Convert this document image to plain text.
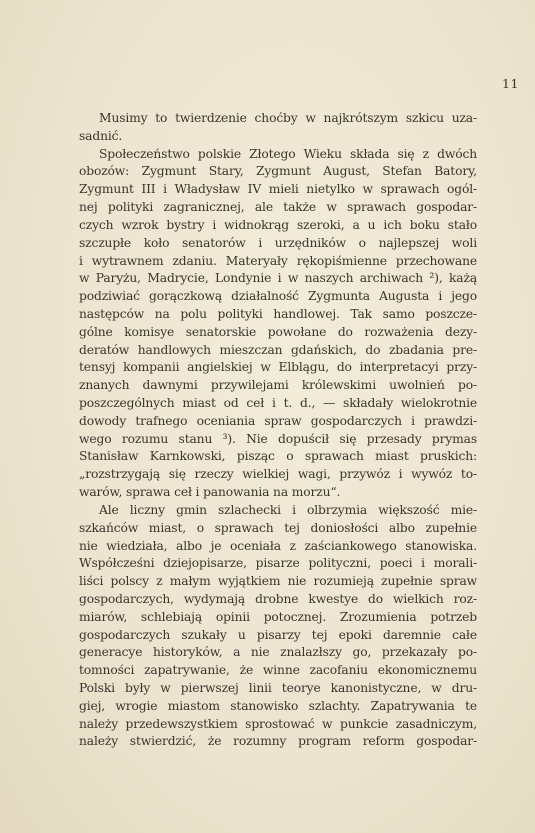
11
Musimy to twierdzenie choćby w najkrótszym szkicu uza-
sadnić.
Społeczeństwo polskie Złotego Wieku składa się z dwóch
obozów: Zygmunt Stary, Zygmunt August, Stefan Batory,
Zygmunt III i Władysław IV mieli nietylko w sprawach ogól-
nej polityki zagranicznej, ale także w sprawach gospodar-
czych wzrok bystry i widnokrąg szeroki, a u ich boku stało
szczupłe koło senatorów i urzędników o najlepszej woli
i wytrawnem zdaniu. Materyały rękopiśmienne przechowane
w Paryżu, Madrycie, Londynie i w naszych archiwach ²), każą
podziwiać gorączkową działalność Zygmunta Augusta i jego
następców na polu polityki handlowej. Tak samo poszcze-
gólne komisye senatorskie powołane do rozważenia dezy-
deratów handlowych mieszczan gdańskich, do zbadania pre-
tensyj kompanii angielskiej w Elblągu, do interpretacyi przy-
znanych dawnymi przywilejami królewskimi uwolnień po-
poszczególnych miast od ceł i t. d., — składały wielokrotnie
dowody trafnego oceniania spraw gospodarczych i prawdzi-
wego rozumu stanu ³). Nie dopuścił się przesady prymas
Stanisław Karnkowski, pisząc o sprawach miast pruskich:
„rozstrzygają się rzeczy wielkiej wagi, przywóz i wywóz to-
warów, sprawa ceł i panowania na morzu“.
Ale liczny gmin szlachecki i olbrzymia większość mie-
szkańców miast, o sprawach tej doniosłości albo zupełnie
nie wiedziała, albo je oceniała z zaściankowego stanowiska.
Współcześni dziejopisarze, pisarze polityczni, poeci i morali-
liści polscy z małym wyjątkiem nie rozumieją zupełnie spraw
gospodarczych, wydymają drobne kwestye do wielkich roz-
miarów, schlebiają opinii potocznej. Zrozumienia potrzeb
gospodarczych szukały u pisarzy tej epoki daremnie całe
generacye historyków, a nie znalazłszy go, przekazały po-
tomności zapatrywanie, że winne zacofaniu ekonomicznemu
Polski były w pierwszej linii teorye kanonistyczne, w dru-
giej, wrogie miastom stanowisko szlachty. Zapatrywania te
należy przedewszystkiem sprostować w punkcie zasadniczym,
należy stwierdzić, że rozumny program reform gospodar-
